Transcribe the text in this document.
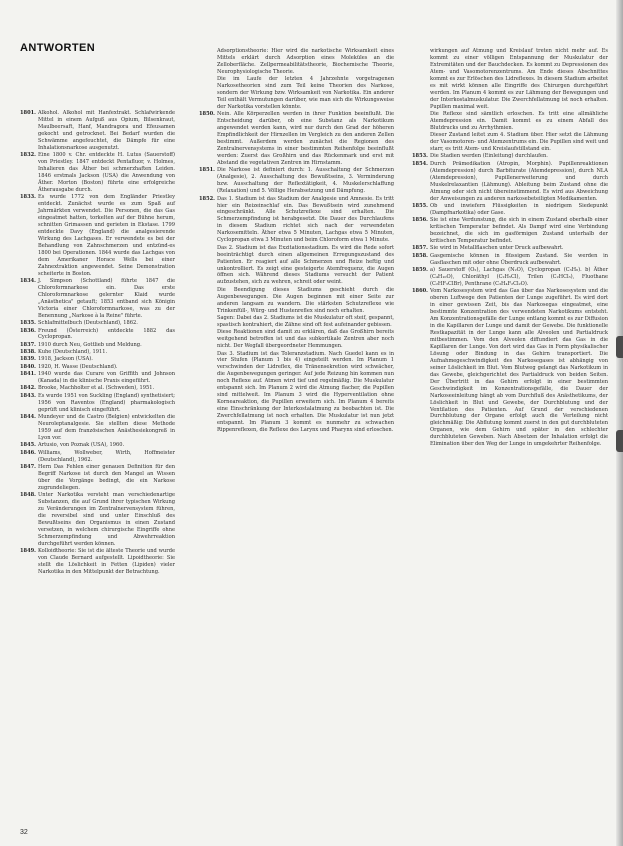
ANTWORTEN
1801. Alkohol. Alkohol mit Hanfextrakt. Schlafwirkende Mittel in einem Aufguß aus Opium, Bilsenkraut, Maulbeersaft, Hanf, Mandragora und Efeusamen gekocht und getrocknet. Bei Bedarf wurden die Schwämme angefeuchtet, die Dämpfe für eine Inhalationsnarkose ausgenutzt.
1832. Eine 1800 v. Chr. entdeckte H. Lutus (Sauerstoff) von Priestley. 1847 entdeckt Pentafluor, v. Holmes, Inhalieren das Äther bei schmerzhaften Leiden. 1846 erstmals Jackson (USA) die Anwendung von Äther. Morton (Boston) führte eine erfolgreiche Ätherausgabe durch.
1833. Es wurde 1772 von dem Engländer Priestley entdeckt. Zunächst wurde es zum Spaß auf Jahrmärkten verwendet. Die Personen, die das Gas eingeatmet hatten, torkelten auf der Bühne herum, schnitten Grimassen und gerieten in Ekstase. 1799 entdeckte Davy (England) die analgesierende Wirkung des Lachgases. Er verwendete es bei der Behandlung von Zahnschmerzen und entzünd-es 1800 bei Operationen. 1844 wurde das Lachgas von dem Amerikaner Horace Wells bei einer Zahnextraktion angewendet. Seine Demonstration scheiterte in Boston.
1834. J. Simpson (Schottland) führte 1847 die Chloroformnarkose ein. Das erste Chloroformnarkose gelernter Klaid wurde „Anästhetica" getauft; 1853 entband sich Königin Victoria einer Chloroformnarkose, was zu der Benennung „Narkose à la Reine" führte.
1835. Schlafmittelbuch (Deutschland), 1862.
1836. Freund (Österreich) entdeckte 1882 das Cyclopropan.
1837. 1910 durch Neu, Gottlieb und Meldung.
1838. Kuhe (Deutschland), 1911.
1839. 1918, Jackson (USA).
1840. 1920, H. Wasse (Deutschland).
1841. 1940 wurde das Curare von Griffith und Johnson (Kanada) in die klinische Praxis eingeführt.
1842. Brooke, Machholter et al. (Schweden), 1951.
1843. Es wurde 1951 von Suckling (England) synthetisiert; 1956 von Raventos (England) pharmakologisch geprüft und klinisch eingeführt.
1844. Mundeyer und de Castro (Belgien) entwickelten die Neuroleptanalgesie. Sie stellten diese Methode 1959 auf dem französischen Anästhesiekongreß in Lyon vor.
1845. Artusio, von Poznak (USA), 1960.
1846. Williams, Wollweber, Wirth, Hoffmeister (Deutschland), 1962.
1847. Hern Das Fehlen einer genauen Definition für den Begriff Narkose ist durch den Mangel an Wissen über die Vorgänge bedingt, die ein Narkose zugrundeliegen.
1848. Unter Narkotika versteht man verschiedenartige Substanzen, die auf Grund ihrer typischen Wirkung zu Veränderungen im Zentralnervensystem führen, die reversibel sind und unter Einschluß des Bewußtseins den Organismus in einen Zustand versetzen, in welchem chirurgische Eingriffe ohne Schmerzempfindung und Abwehrreaktion durchgeführt werden können.
1849. Kolloidtheorie: Sie ist die älteste Theorie und wurde von Claude Bernard aufgestellt. Lipoidtheorie: Sie stellt die Löslichkeit in Fetten (Lipiden) vieler Narkotika in den Mittelpunkt der Betrachtung.
Adsorptionstheorie: Hier wird die narkotische Wirksamkeit eines Mittels erklärt durch Adsorption eines Moleküles an die Zelloberfläche. Zellpermeabilitätstheorie, Biochemische Theorie, Neurophysiologische Theorie.
Die im Laufe der letzten 4 Jahrzehnte vorgetragenen Narkosetheorien sind zum Teil keine Theorien des Narkose, sondern der Wirkung bzw. Wirksamkeit von Narkotika. Ein anderer Teil enthält Vermutungen darüber, wie man sich die Wirkungsweise der Narkotika vorstellen könnte.
1850. Nein. Alle Körperzellen werden in ihrer Funktion beeinflußt. Die Entscheidung darüber, ob eine Substanz als Narkotikum angewendet werden kann, wird nur durch den Grad der höheren Empfindlichkeit der Hirnzellen im Vergleich zu den anderen Zellen bestimmt. Außerdem werden zunächst die Regionen des Zentralnervensystems in einer bestimmten Reihenfolge beeinflußt werden: Zuerst das Großhirn und das Rückenmark und erst mit Abstand die vegetativen Zentren im Hirnstamm.
1851. Die Narkose ist definiert durch: 1. Ausschaltung der Schmerzen (Analgesie), 2. Ausschaltung des Bewußtseins, 3. Verminderung bzw. Ausschaltung der Reflextätigkeit, 4. Muskelerschlaffung (Relaxation) und 5. Völlige Herabsetzung und Dämpfung.
1852. Das 1. Stadium ist das Stadium der Analgesie und Amnesie. Es tritt hier ein Reizeinschlaf ein. Das Bewußtsein wird zunehmend eingeschränkt. Alle Schutzreflexe sind erhalten. Die Schmerzempfindung ist herabgesetzt. Die Dauer des Durchlaufens in diesem Stadium richtet sich nach der verwendeten Narkosemitteln. Äther etwa 5 Minuten, Lachgas etwa 5 Minuten, Cyclopropan etwa 3 Minuten und beim Chloroform etwa 1 Minute.
Das 2. Stadium ist das Exzitationsstadium. Es wird die Rede sofort beeinträchtigt durch einen allgemeinen Erregungszustand des Patienten. Er reagiert auf alle Schmerzen und Reize heftig und unkontrolliert. Es zeigt eine gesteigerte Atemfrequenz, die Augen öffnen sich. Während dieses Stadiums versucht der Patient aufzustehen, sich zu wehren, schreit oder weint.
Die Beendigung dieses Stadiums geschieht durch die Augenbewegungen. Die Augen beginnen mit einer Seite zur anderen langsam zu wandern. Die stärksten Schutzreflexe wie Trinkenfüll-, Würg- und Hustenreflex sind noch erhalten.
Sagen: Dabei das 2. Stadiums ist die Muskulatur oft steif, gespannt, spastisch kontrahiert, die Zähne sind oft fest aufeinander gebissen.
Diese Reaktionen sind damit zu erklären, daß das Großhirn bereits weitgehend betroffen ist und das subkortikale Zentren aber noch nicht. Der Wegfall übergeordneter Hemmungen.
Das 3. Stadium ist das Toleranzstadium. Nach Guedel kann es in vier Stufen (Planum 1 bis 4) eingeteilt werden. Im Planum 1 verschwinden der Lidreflex, die Tränensekretion wird schwächer, die Augenbewegungen geringer. Auf jede Reizung hin kommen nun noch Reflexe auf. Atmen wird tief und regelmäßig. Die Muskulatur entspannt sich. Im Planum 2 wird die Atmung flacher, die Pupillen sind mittelweit. Im Planum 3 wird die Hyperventilation ohne Korneareaktion, die Pupillen erweitern sich. Im Planum 4 bereits eine Einschränkung der Interkostalatmung zu beobachten ist. Die Zwerchfellatmung ist noch erhalten. Die Muskulatur ist nun jetzt entspannt. Im Planum 3 kommt es nunmehr zu schwachen Rippenreflexen, die Reflexe des Larynx und Pharynx sind erloschen.
wirkungen auf Atmung und Kreislauf treten nicht mehr auf. Es kommt zu einer völligen Entspannung der Muskulatur der Extremitäten und der Bauchdecken. Es kommt zu Depressionen des Atem- und Vasomotorenzentrums. Am Ende dieses Abschnittes kommt es zur Erlöschen des Lidreflexes. In diesem Stadium arbeitet es mit wirkt können alle Eingriffe des Chirurgen durchgeführt werden. Im Planum 4 kommt es zur Lähmung der Bewegungen und der Interkostalmuskulatur. Die Zwerchfellatmung ist noch erhalten. Pupillen maximal weit.
Die Reflexe sind sämtlich erloschen. Es tritt eine allmähliche Atemdepression ein. Damit kommt es zu einem Abfall des Blutdrucks und zu Arrhythmien.
Dieser Zustand leitet zum 4. Stadium über. Hier setzt die Lähmung der Vasomotoren- und Atemzentrums ein. Die Pupillen sind weit und starr, es tritt Atem- und Kreislaufstillstand ein.
1853. Die Stadien werden (Einleitung) durchlaufen.
1854. Durch Prämedikation (Atropin, Morphin). Pupillenreaktionen (Atemdepression) durch Barbiturate (Atemdepression), durch NLA (Atemdepression), Pupillenerweiterung und durch Muskelrelaxantien (Lähmung). Ableitung beim Zustand ohne die Atmung oder sich nicht übereinstimmend. Es wird aus Abweichung der Anweisungen zu anderen narkosebeteiligten Medikamenten.
1855. Ob und inwiefern Flüssigkeiten in niedrigem Siedepunkt (Dampfnarkotika) oder Gase.
1856. Sie ist eine Verdunstung, die sich in einem Zustand oberhalb einer kritischen Temperatur befindet. Als Dampf wird eine Verbindung bezeichnet, die sich im gasförmigen Zustand unterhalb der kritischen Temperatur befindet.
1857. Sie wird in Metallflaschen unter Druck aufbewahrt.
1858. Gasgemische können in flüssigem Zustand. Sie werden in Gasflaschen mit oder ohne Überdruck aufbewahrt.
1859. a) Sauerstoff (O₂), Lachgas (N₂O), Cyclopropan (C₃H₆). b) Äther (C₄H₁₀O), Chloräthyl (C₂H₅Cl), Trilen (C₂HCl₃), Fluothane (C₂HF₃ClBr), Penthrane (C₃H₄F₂Cl₂O).
1860. Vom Narkosesystem wird das Gas über das Narkosesystem und die oberen Luftwege den Patienten der Lunge zugeführt. Es wird dort in einer gewissen Zeit, bis das Narkosegas eingeatmet, eine bestimmte Konzentration des verwendeten Narkotikums entsteht. Am Konzentrationsgefälle der Lunge entlang kommt es zur Diffusion in die Kapillaren der Lunge und damit der Gewebe. Die funktionelle Restkapazität in der Lunge kann alle Alveolen und Partialdruck mitbestimmen. Vom den Alveolen diffundiert das Gas in die Kapillaren der Lunge. Von dort wird das Gas in Form physikalischer Lösung oder Bindung in das Gehirn transportiert. Die Aufnahmegeschwindigkeit des Narkosegases ist abhängig von seiner Löslichkeit im Blut. Vom Blutweg gelangt das Narkotikum in das Gewebe, gleichgerichtet des Partialdruck von beiden Seiten. Der Übertritt in das Gehirn erfolgt in einer bestimmten Geschwindigkeit im Konzentrationsgefälle, die Dauer der Narkoseeinleitung hängt ab vom Durchfluß des Anästhetikums, der Löslichkeit in Blut und Gewebe, der Durchblutung und der Ventilation des Patienten. Auf Grund der verschiedenen Durchblutung der Organe erfolgt auch die Verteilung nicht gleichmäßig: Die Abflutung kommt zuerst in den gut durchbluteten Organen, wie dem Gehirn und später in den schlechter durchbluteten Geweben. Nach Absetzen der Inhalation erfolgt die Elimination über den Weg der Lunge in umgekehrter Reihenfolge.
32
